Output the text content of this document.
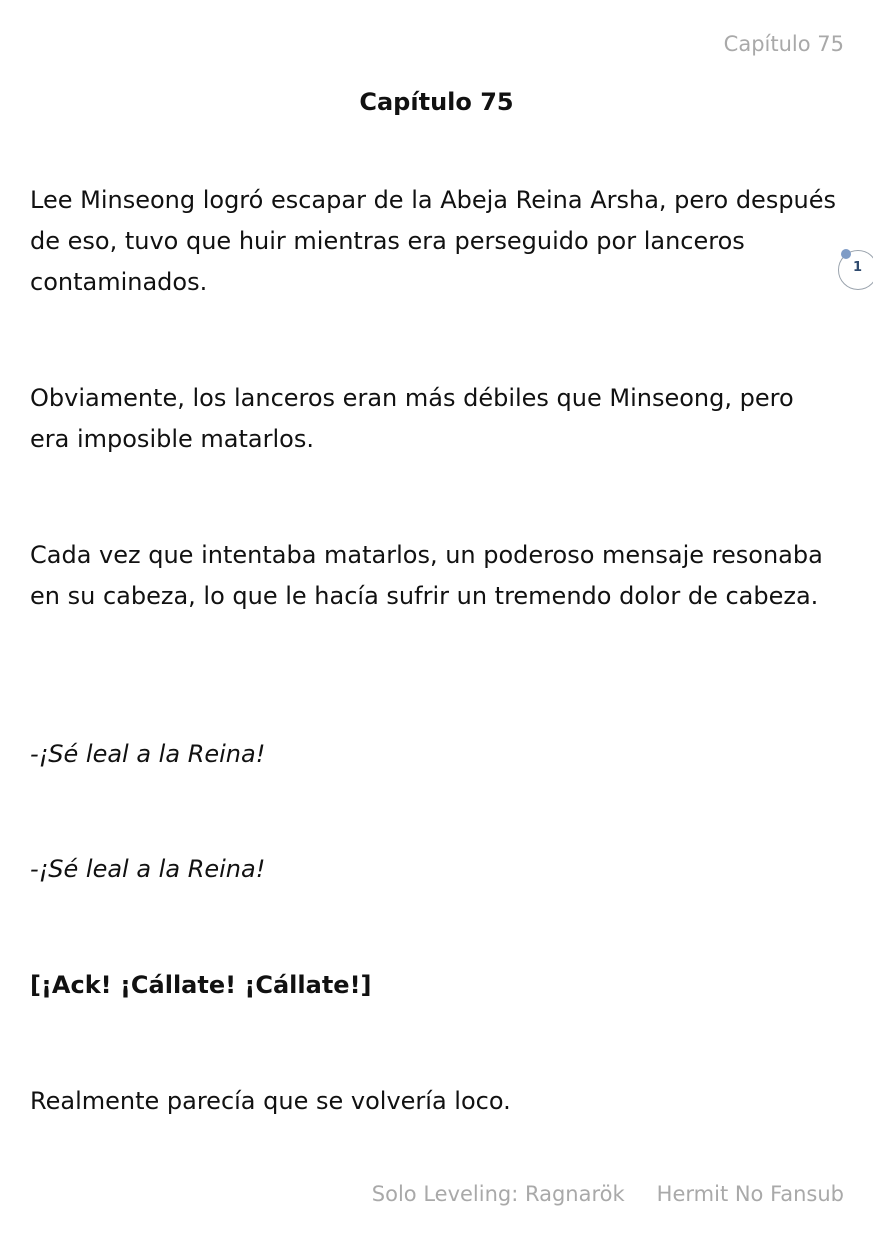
Capítulo 75
Capítulo 75

Lee Minseong logró escapar de la Abeja Reina Arsha, pero después de eso, tuvo que huir mientras era perseguido por lanceros contaminados.

Obviamente, los lanceros eran más débiles que Minseong, pero era imposible matarlos.

Cada vez que intentaba matarlos, un poderoso mensaje resonaba en su cabeza, lo que le hacía sufrir un tremendo dolor de cabeza.

-¡Sé leal a la Reina!

-¡Sé leal a la Reina!

[¡Ack! ¡Cállate! ¡Cállate!]

Realmente parecía que se volvería loco.

1
Solo Leveling: Ragnarök Hermit No Fansub
